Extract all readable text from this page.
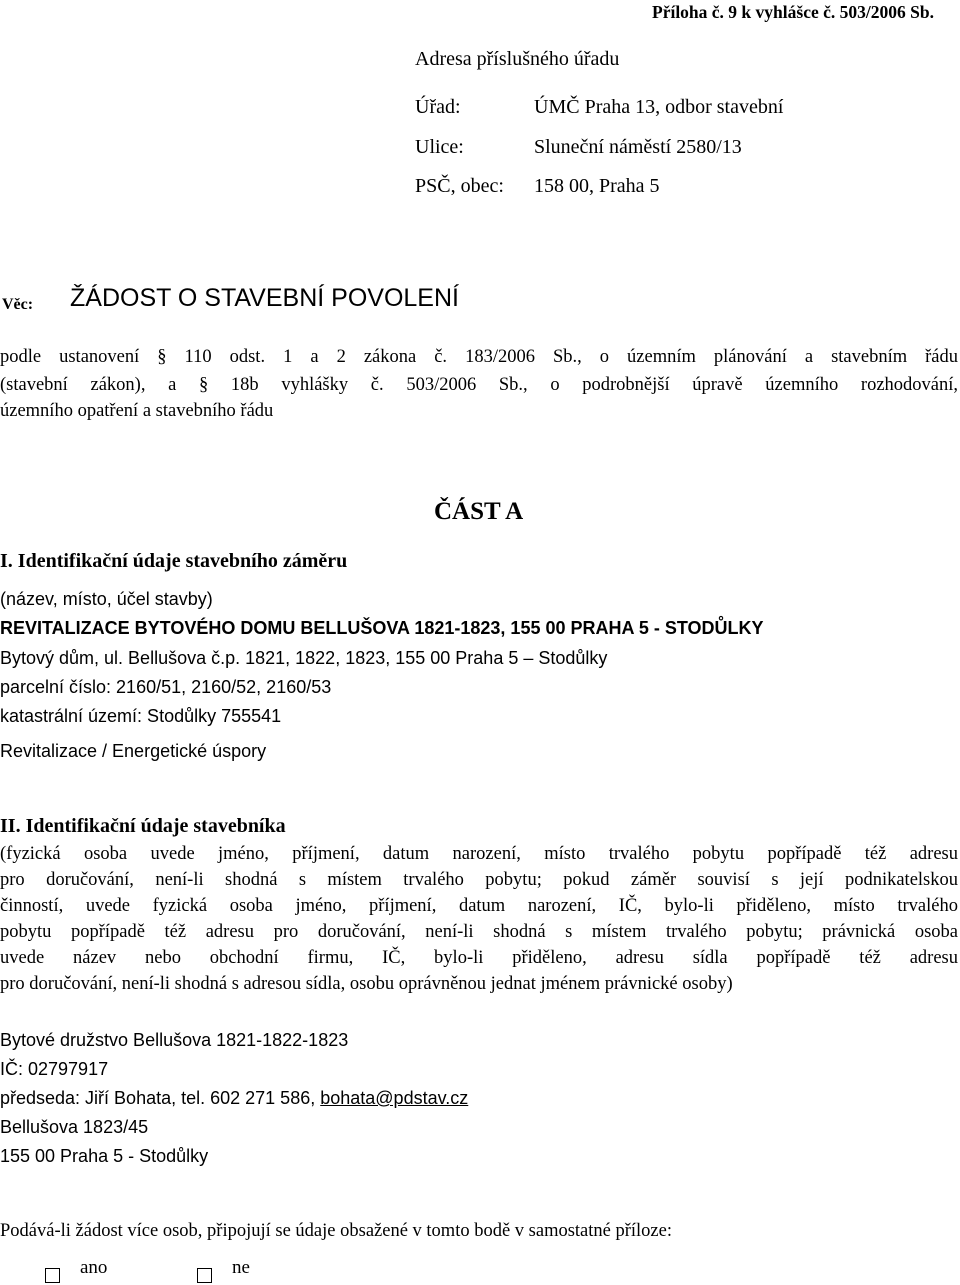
Příloha č. 9 k vyhlášce č. 503/2006 Sb.
Adresa příslušného úřadu
Úřad:	ÚMČ Praha 13, odbor stavební
Ulice:	Sluneční náměstí 2580/13
PSČ, obec: 158 00, Praha 5
Věc: ŽÁDOST O STAVEBNÍ POVOLENÍ
podle ustanovení § 110 odst. 1 a 2 zákona č. 183/2006 Sb., o územním plánování a stavebním řádu
(stavební zákon), a § 18b vyhlášky č. 503/2006 Sb., o podrobnější úpravě územního rozhodování,
územního opatření a stavebního řádu
ČÁST A
I. Identifikační údaje stavebního záměru
(název, místo, účel stavby)
REVITALIZACE BYTOVÉHO DOMU BELLUŠOVA 1821-1823, 155 00 PRAHA 5 - STODŮLKY
Bytový dům, ul. Bellušova č.p. 1821, 1822, 1823, 155 00 Praha 5 – Stodůlky
parcelní číslo: 2160/51, 2160/52, 2160/53
katastrální území: Stodůlky 755541
Revitalizace / Energetické úspory
II. Identifikační údaje stavebníka
(fyzická osoba uvede jméno, příjmení, datum narození, místo trvalého pobytu popřípadě též adresu
pro doručování, není-li shodná s místem trvalého pobytu; pokud záměr souvisí s její podnikatelskou
činností, uvede fyzická osoba jméno, příjmení, datum narození, IČ, bylo-li přiděleno, místo trvalého
pobytu popřípadě též adresu pro doručování, není-li shodná s místem trvalého pobytu; právnická osoba
uvede název nebo obchodní firmu, IČ, bylo-li přiděleno, adresu sídla popřípadě též adresu
pro doručování, není-li shodná s adresou sídla, osobu oprávněnou jednat jménem právnické osoby)
Bytové družstvo Bellušova 1821-1822-1823
IČ: 02797917
předseda: Jiří Bohata, tel. 602 271 586, bohata@pdstav.cz
Bellušova 1823/45
155 00 Praha 5 - Stodůlky
Podává-li žádost více osob, připojují se údaje obsažené v tomto bodě v samostatné příloze:
ano	ne
